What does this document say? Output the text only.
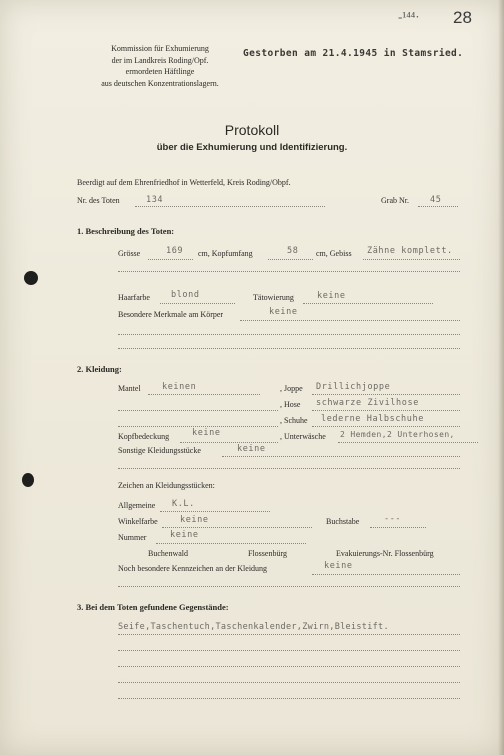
-¹⁴⁴· 28
Kommission für Exhumierung
der im Landkreis Roding/Opf.
ermordeten Häftlinge
aus deutschen Konzentrationslagern.
Gestorben am 21.4.1945 in Stamsried.
Protokoll
über die Exhumierung und Identifizierung.
Beerdigt auf dem Ehrenfriedhof in Wetterfeld, Kreis Roding/Obpf.
Nr. des Toten	134	Grab Nr. 45
1. Beschreibung des Toten:
Grösse	169 cm, Kopfumfang	58 cm, Gebiss Zähne komplett.
Haarfarbe blond	Tätowierung	keine
Besondere Merkmale am Körper	keine
2. Kleidung:
Mantel	keinen	, Joppe Drillichjoppe
, Hose schwarze Zivilhose
, Schuhe lederne Halbschuhe
Kopfbedeckung	keine	, Unterwäsche 2 Hemden,2 Unterhosen,
Sonstige Kleidungsstücke	keine
Zeichen an Kleidungsstücken:
Allgemeine K.L.
Winkelfarbe	keine	Buchstabe	---
Nummer	keine
Buchenwald	Flossenbürg	Evakuierungs-Nr. Flossenbürg
Noch besondere Kennzeichen an der Kleidung	keine
3. Bei dem Toten gefundene Gegenstände:
Seife,Taschentuch,Taschenkalender,Zwirn,Bleistift.
